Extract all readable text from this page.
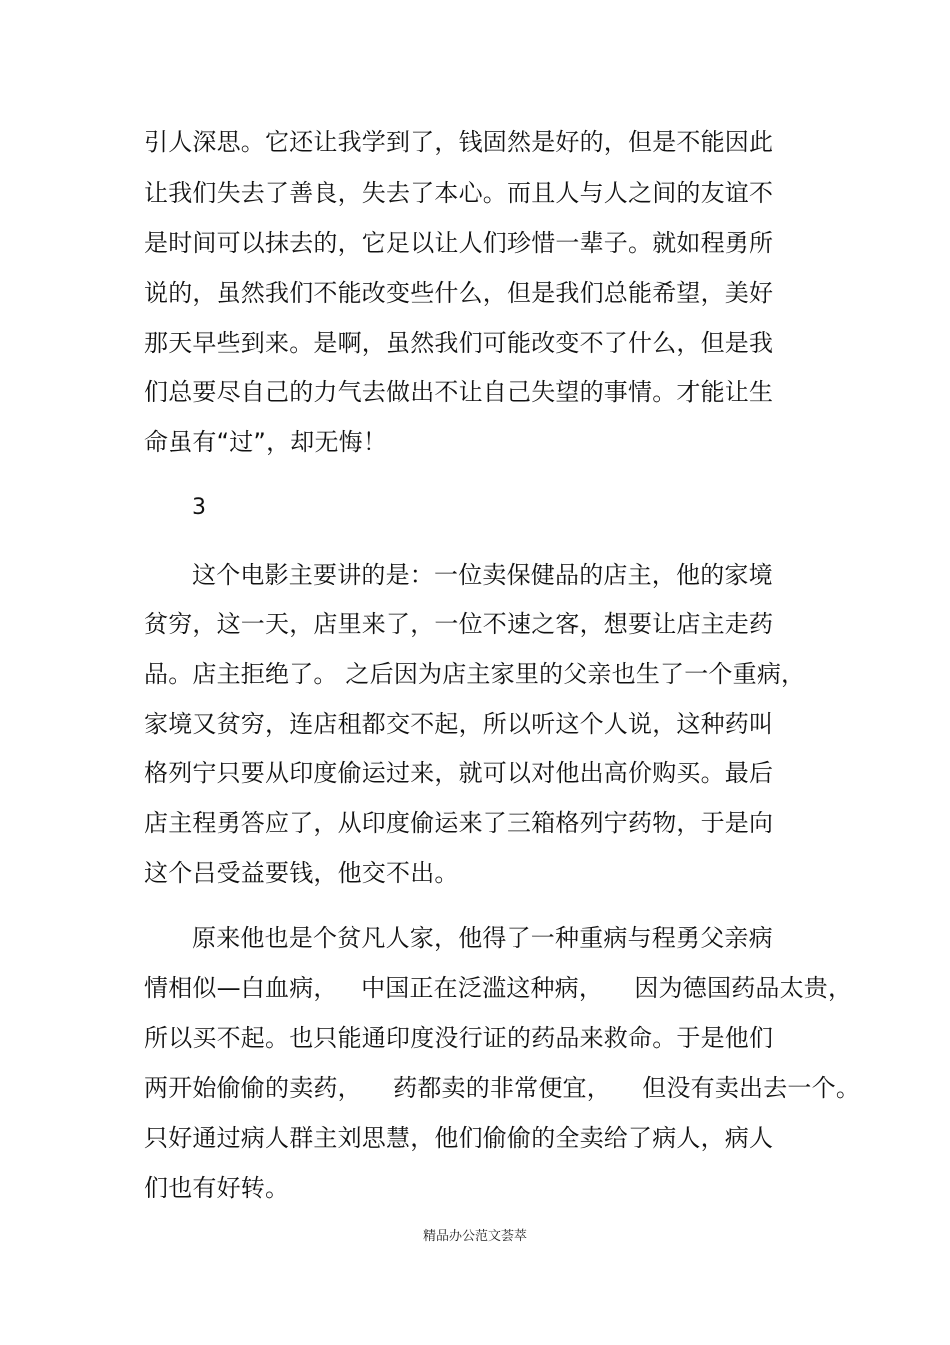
引人深思。它还让我学到了，钱固然是好的，但是不能因此
让我们失去了善良，失去了本心。而且人与人之间的友谊不
是时间可以抹去的，它足以让人们珍惜一辈子。就如程勇所
说的，虽然我们不能改变些什么，但是我们总能希望，美好
那天早些到来。是啊，虽然我们可能改变不了什么，但是我
们总要尽自己的力气去做出不让自己失望的事情。才能让生
命虽有“过”，却无悔！
3
这个电影主要讲的是：一位卖保健品的店主，他的家境
贫穷，这一天，店里来了，一位不速之客，想要让店主走药
品。店主拒绝了。 之后因为店主家里的父亲也生了一个重病，
家境又贫穷，连店租都交不起，所以听这个人说，这种药叫
格列宁只要从印度偷运过来，就可以对他出高价购买。最后
店主程勇答应了，从印度偷运来了三箱格列宁药物，于是向
这个吕受益要钱，他交不出。
原来他也是个贫凡人家，他得了一种重病与程勇父亲病
情相似—白血病，   中国正在泛滥这种病，    因为德国药品太贵，
所以买不起。也只能通印度没行证的药品来救命。于是他们
两开始偷偷的卖药，    药都卖的非常便宜，    但没有卖出去一个。
只好通过病人群主刘思慧，他们偷偷的全卖给了病人，病人
们也有好转。
精品办公范文荟萃
